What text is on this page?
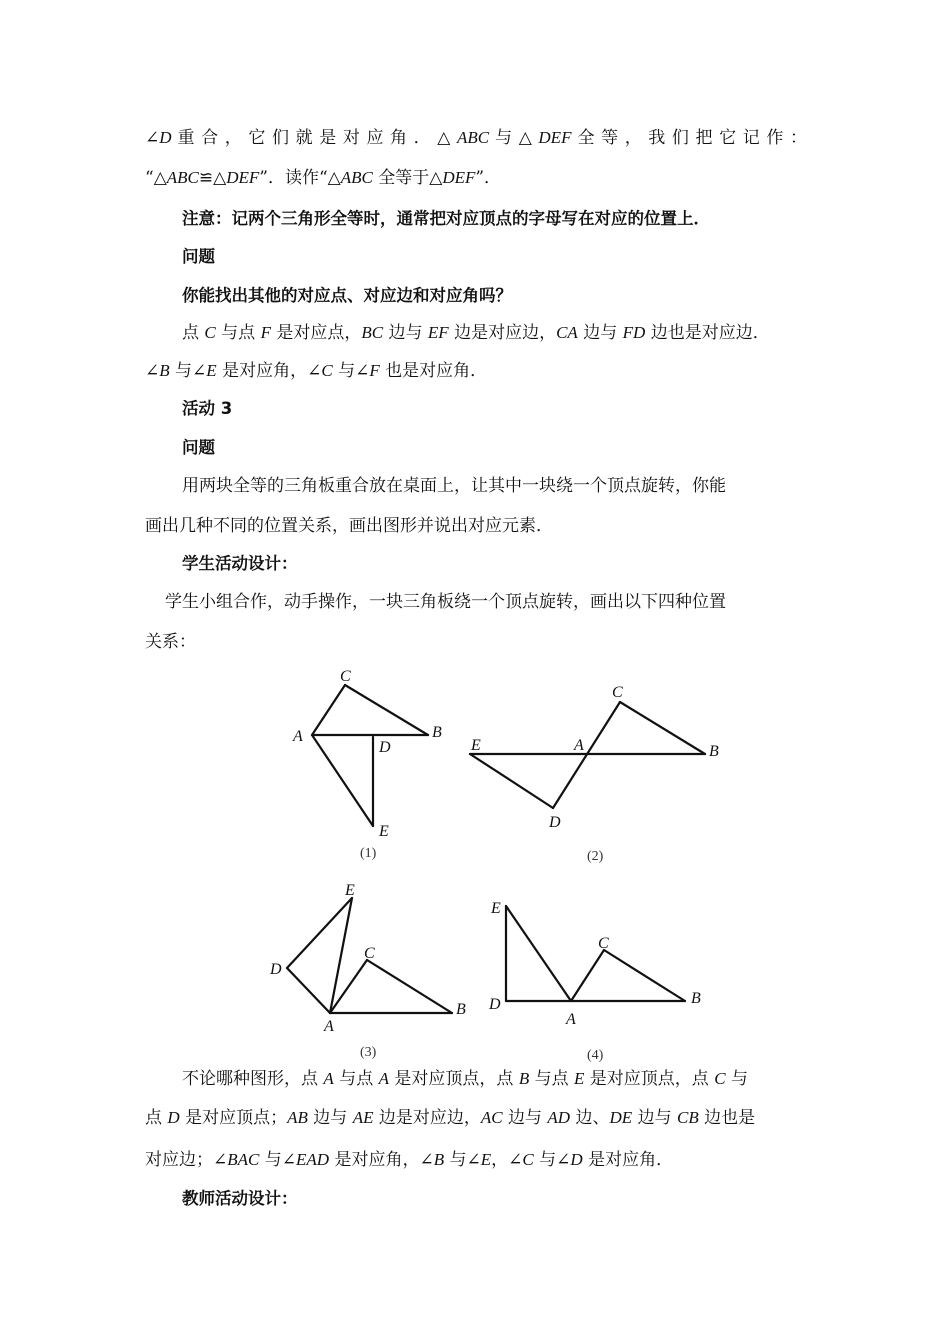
∠D 重 合 ， 它 们 就 是 对 应 角 ． △ ABC 与 △ DEF 全 等 ， 我 们 把 它 记 作 ：
“△ABC≌△DEF”．读作“△ABC 全等于△DEF”．
注意：记两个三角形全等时，通常把对应顶点的字母写在对应的位置上．
问题
你能找出其他的对应点、对应边和对应角吗？
点 C 与点 F 是对应点，BC 边与 EF 边是对应边，CA 边与 FD 边也是对应边．
∠B 与∠E 是对应角，∠C 与∠F 也是对应角．
活动 3
问题
用两块全等的三角板重合放在桌面上，让其中一块绕一个顶点旋转，你能
画出几种不同的位置关系，画出图形并说出对应元素．
学生活动设计：
学生小组合作，动手操作，一块三角板绕一个顶点旋转，画出以下四种位置
关系：
C
A	B
D
E
(1)
C
E	A	B
D
(2)
E
D
C
B
A
(3)
E
D
C
B
A
(4)
不论哪种图形，点 A 与点 A 是对应顶点，点 B 与点 E 是对应顶点，点 C 与
点 D 是对应顶点；AB 边与 AE 边是对应边，AC 边与 AD 边、DE 边与 CB 边也是
对应边；∠BAC 与∠EAD 是对应角，∠B 与∠E，∠C 与∠D 是对应角．
教师活动设计：
